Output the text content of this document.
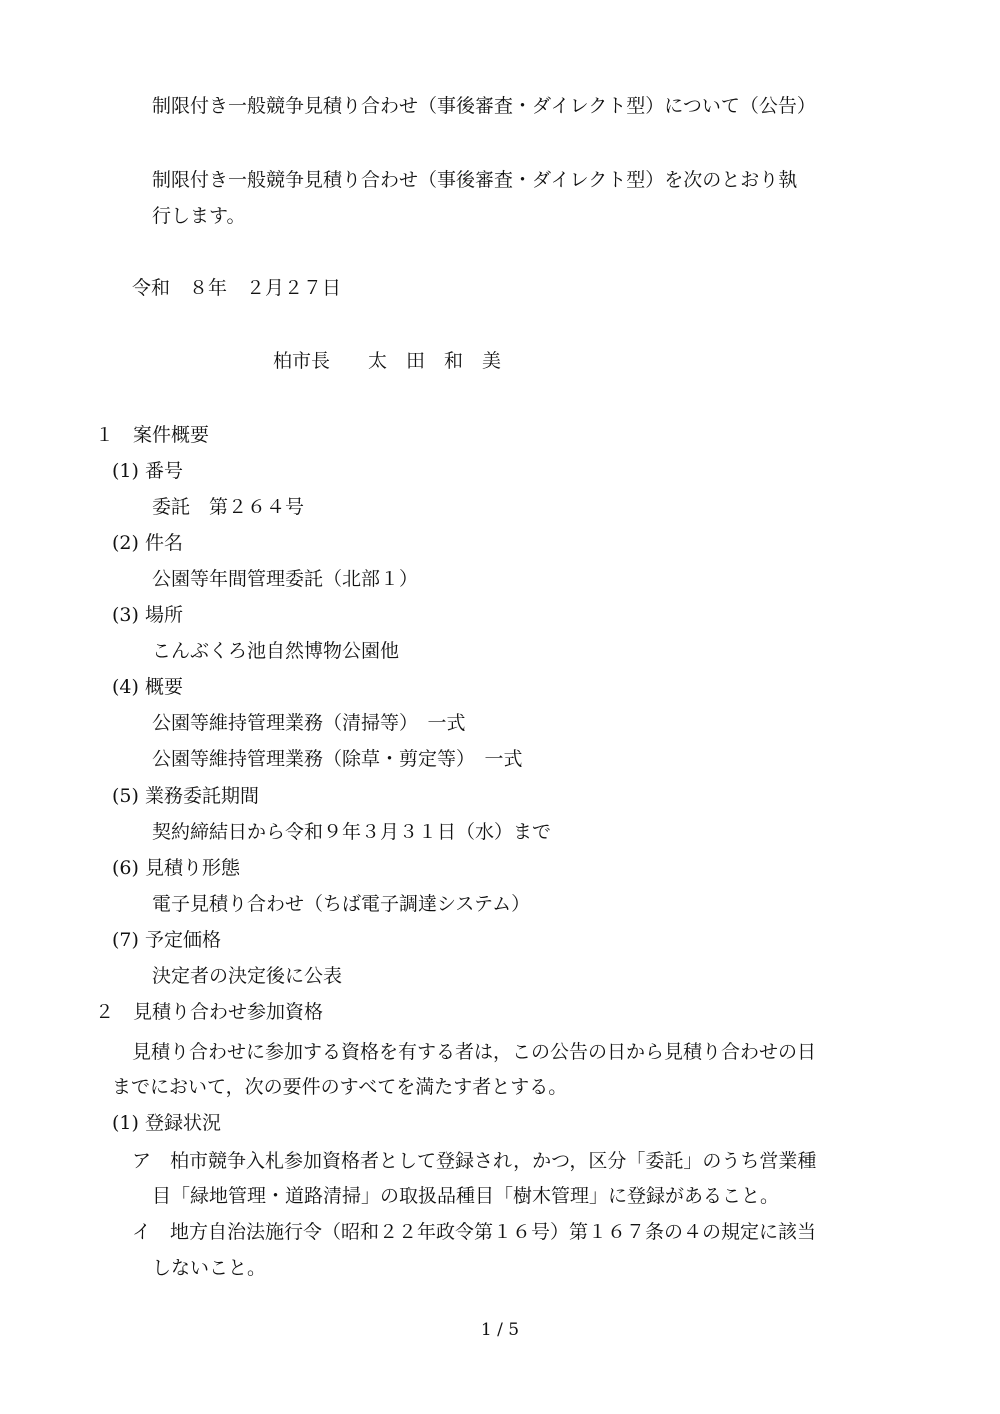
制限付き一般競争見積り合わせ（事後審査・ダイレクト型）について（公告）
制限付き一般競争見積り合わせ（事後審査・ダイレクト型）を次のとおり執
行します。
令和　８年　２月２７日
柏市長　　太　田　和　美
１　案件概要
(1) 番号
委託　第２６４号
(2) 件名
公園等年間管理委託（北部１）
(3) 場所
こんぶくろ池自然博物公園他
(4) 概要
公園等維持管理業務（清掃等）　一式
公園等維持管理業務（除草・剪定等）　一式
(5) 業務委託期間
契約締結日から令和９年３月３１日（水）まで
(6) 見積り形態
電子見積り合わせ（ちば電子調達システム）
(7) 予定価格
決定者の決定後に公表
２　見積り合わせ参加資格
見積り合わせに参加する資格を有する者は，この公告の日から見積り合わせの日
までにおいて，次の要件のすべてを満たす者とする。
(1) 登録状況
ア　柏市競争入札参加資格者として登録され，かつ，区分「委託」のうち営業種
目「緑地管理・道路清掃」の取扱品種目「樹木管理」に登録があること。
イ　地方自治法施行令（昭和２２年政令第１６号）第１６７条の４の規定に該当
しないこと。
1 / 5
